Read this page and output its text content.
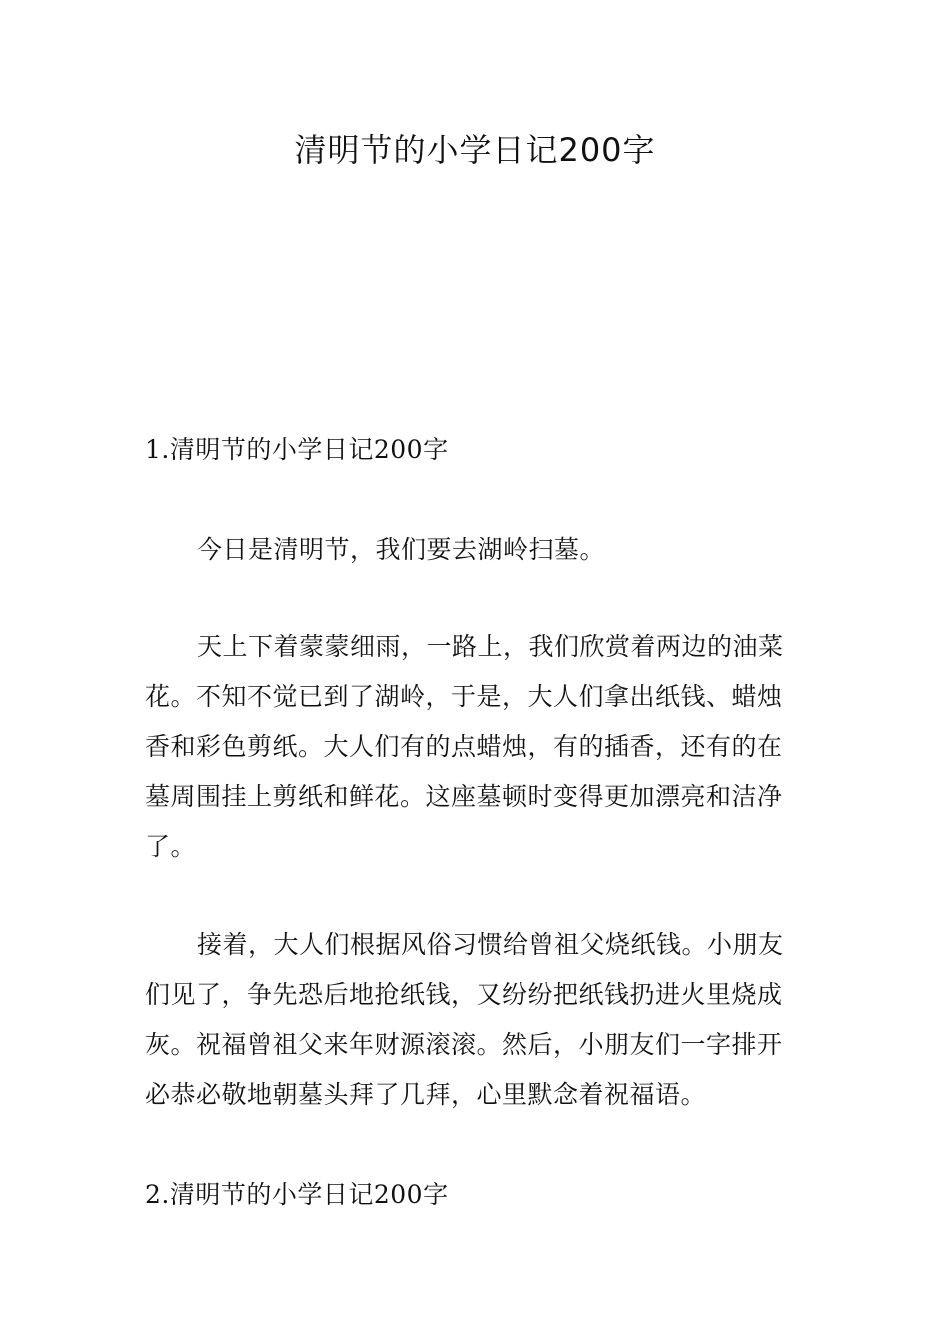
清明节的小学日记200字

1.清明节的小学日记200字

今日是清明节，我们要去湖岭扫墓。

天上下着蒙蒙细雨，一路上，我们欣赏着两边的油菜花。不知不觉已到了湖岭，于是，大人们拿出纸钱、蜡烛香和彩色剪纸。大人们有的点蜡烛，有的插香，还有的在墓周围挂上剪纸和鲜花。这座墓顿时变得更加漂亮和洁净了。

接着，大人们根据风俗习惯给曾祖父烧纸钱。小朋友们见了，争先恐后地抢纸钱，又纷纷把纸钱扔进火里烧成灰。祝福曾祖父来年财源滚滚。然后，小朋友们一字排开必恭必敬地朝墓头拜了几拜，心里默念着祝福语。

2.清明节的小学日记200字
